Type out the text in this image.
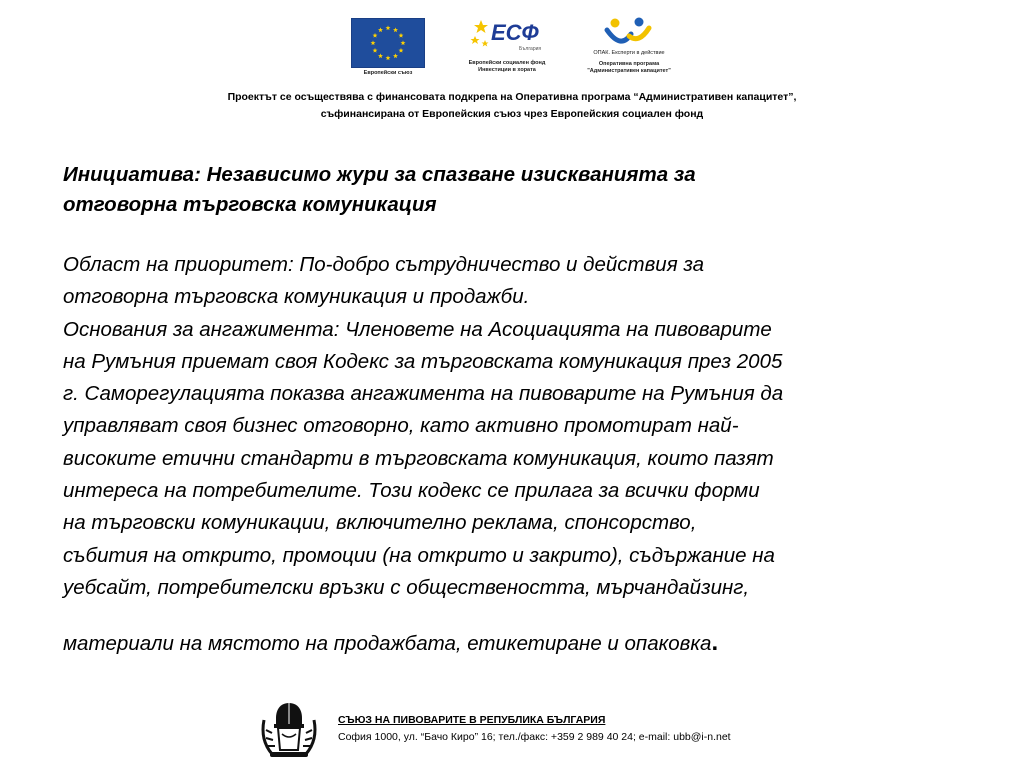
Европейски съюз
ЕСФ
България
Европейски социален фонд
Инвестиции в хората
ОПАК. Експерти в действие
Оперативна програма
"Административен капацитет"

Проектът се осъществява с финансовата подкрепа на Оперативна програма “Административен капацитет”,

съфинансирана от Европейския съюз чрез Европейския социален фонд

Инициатива: Независимо жури за спазване изискванията за

отговорна търговска комуникация

Област на приоритет: По-добро сътрудничество и действия за

отговорна търговска комуникация и продажби.

Основания за ангажимента: Членовете на Асоциацията на пивоварите

на Румъния приемат своя Кодекс за търговската комуникация през 2005

г. Саморегулацията показва ангажимента на пивоварите на Румъния да

управляват своя бизнес отговорно, като активно промотират най-

високите етични стандарти в търговската комуникация, които пазят

интереса на потребителите. Този кодекс се прилага за всички форми

на търговски комуникации, включително реклама, спонсорство,

събития на открито, промоции (на открито и закрито), съдържание на

уебсайт, потребителски връзки с обществеността, мърчандайзинг,

материали на мястото на продажбата, етикетиране и опаковка.

СЪЮЗ НА ПИВОВАРИТЕ В РЕПУБЛИКА БЪЛГАРИЯ
София 1000, ул. “Бачо Киро” 16; тел./факс: +359 2 989 40 24; e-mail: ubb@i-n.net
